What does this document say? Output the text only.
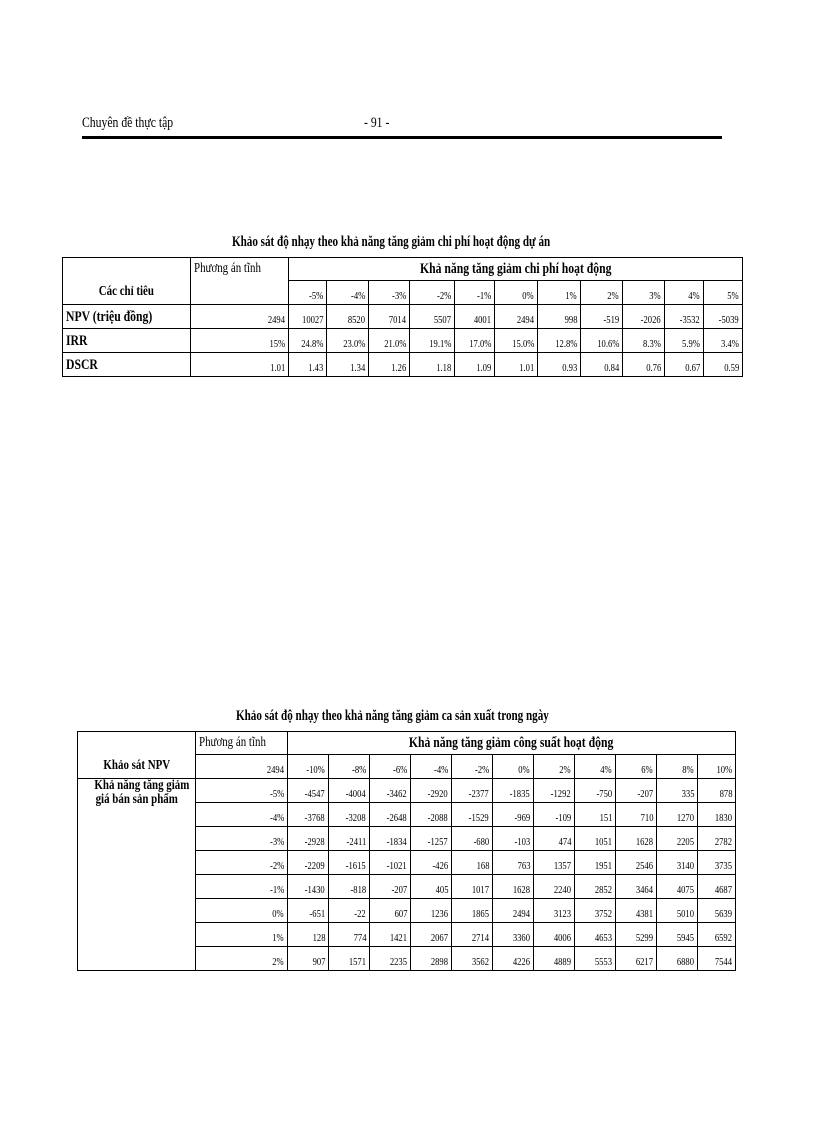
Chuyên đề thực tập	- 91 -
Khảo sát độ nhạy theo khả năng tăng giảm chi phí hoạt động dự án
	Phương án tĩnh	Khả năng tăng giảm chi phí hoạt động										
Các chỉ tiêu		-5%	-4%	-3%	-2%	-1%	0%	1%	2%	3%	4%	5%
NPV (triệu đồng)	2494	10027	8520	7014	5507	4001	2494	998	-519	-2026	-3532	-5039
IRR	15%	24.8%	23.0%	21.0%	19.1%	17.0%	15.0%	12.8%	10.6%	8.3%	5.9%	3.4%
DSCR	1.01	1.43	1.34	1.26	1.18	1.09	1.01	0.93	0.84	0.76	0.67	0.59
Khảo sát độ nhạy theo khả năng tăng giảm ca sản xuất trong ngày
	Phương án tĩnh	Khả năng tăng giảm công suất hoạt động										
Khảo sát NPV	2494	-10%	-8%	-6%	-4%	-2%	0%	2%	4%	6%	8%	10%
Khả năng tăng giảm
giá bán sản phẩm	-5%	-4547	-4004	-3462	-2920	-2377	-1835	-1292	-750	-207	335	878
	-4%	-3768	-3208	-2648	-2088	-1529	-969	-109	151	710	1270	1830
	-3%	-2928	-2411	-1834	-1257	-680	-103	474	1051	1628	2205	2782
	-2%	-2209	-1615	-1021	-426	168	763	1357	1951	2546	3140	3735
	-1%	-1430	-818	-207	405	1017	1628	2240	2852	3464	4075	4687
	0%	-651	-22	607	1236	1865	2494	3123	3752	4381	5010	5639
	1%	128	774	1421	2067	2714	3360	4006	4653	5299	5945	6592
	2%	907	1571	2235	2898	3562	4226	4889	5553	6217	6880	7544
